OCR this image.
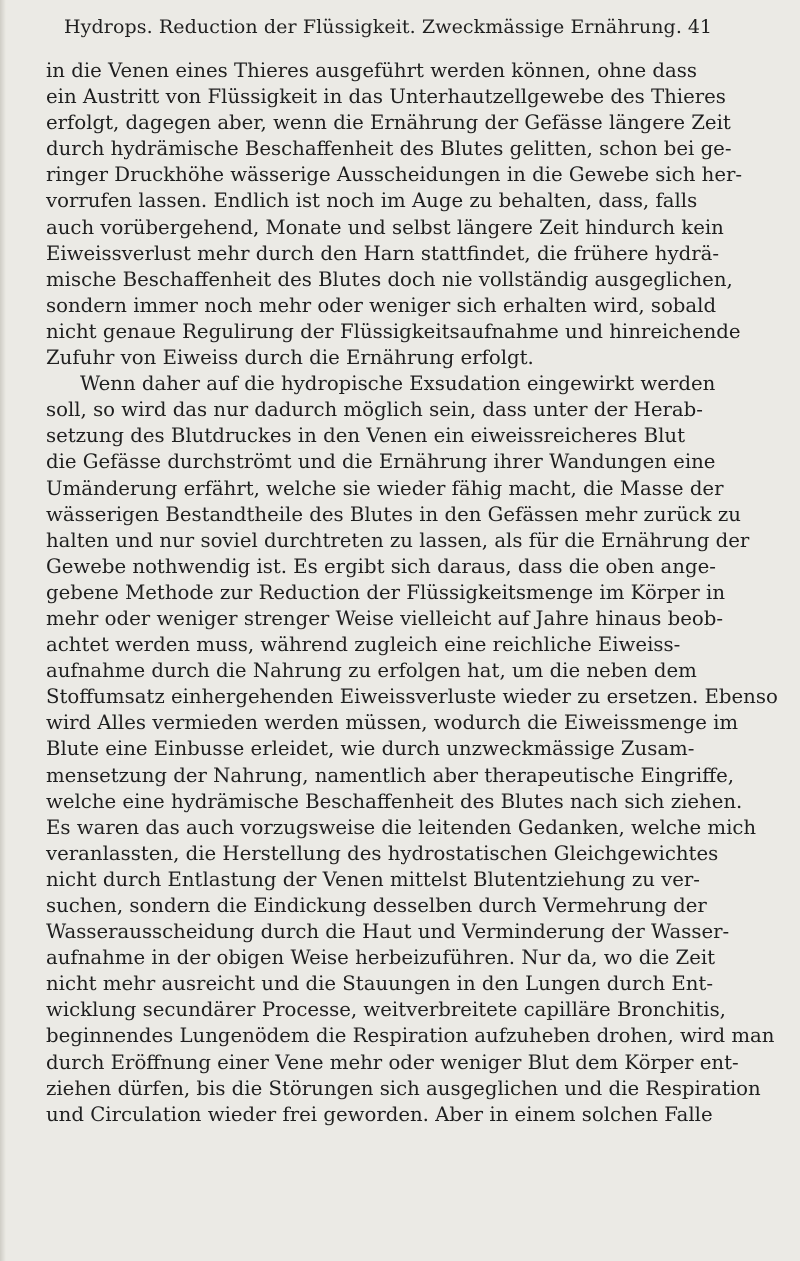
Hydrops. Reduction der Flüssigkeit. Zweckmässige Ernährung. 41
in die Venen eines Thieres ausgeführt werden können, ohne dass
ein Austritt von Flüssigkeit in das Unterhautzellgewebe des Thieres
erfolgt, dagegen aber, wenn die Ernährung der Gefässe längere Zeit
durch hydrämische Beschaffenheit des Blutes gelitten, schon bei ge-
ringer Druckhöhe wässerige Ausscheidungen in die Gewebe sich her-
vorrufen lassen. Endlich ist noch im Auge zu behalten, dass, falls
auch vorübergehend, Monate und selbst längere Zeit hindurch kein
Eiweissverlust mehr durch den Harn stattfindet, die frühere hydrä-
mische Beschaffenheit des Blutes doch nie vollständig ausgeglichen,
sondern immer noch mehr oder weniger sich erhalten wird, sobald
nicht genaue Regulirung der Flüssigkeitsaufnahme und hinreichende
Zufuhr von Eiweiss durch die Ernährung erfolgt.
Wenn daher auf die hydropische Exsudation eingewirkt werden
soll, so wird das nur dadurch möglich sein, dass unter der Herab-
setzung des Blutdruckes in den Venen ein eiweissreicheres Blut
die Gefässe durchströmt und die Ernährung ihrer Wandungen eine
Umänderung erfährt, welche sie wieder fähig macht, die Masse der
wässerigen Bestandtheile des Blutes in den Gefässen mehr zurück zu
halten und nur soviel durchtreten zu lassen, als für die Ernährung der
Gewebe nothwendig ist. Es ergibt sich daraus, dass die oben ange-
gebene Methode zur Reduction der Flüssigkeitsmenge im Körper in
mehr oder weniger strenger Weise vielleicht auf Jahre hinaus beob-
achtet werden muss, während zugleich eine reichliche Eiweiss-
aufnahme durch die Nahrung zu erfolgen hat, um die neben dem
Stoffumsatz einhergehenden Eiweissverluste wieder zu ersetzen. Ebenso
wird Alles vermieden werden müssen, wodurch die Eiweissmenge im
Blute eine Einbusse erleidet, wie durch unzweckmässige Zusam-
mensetzung der Nahrung, namentlich aber therapeutische Eingriffe,
welche eine hydrämische Beschaffenheit des Blutes nach sich ziehen.
Es waren das auch vorzugsweise die leitenden Gedanken, welche mich
veranlassten, die Herstellung des hydrostatischen Gleichgewichtes
nicht durch Entlastung der Venen mittelst Blutentziehung zu ver-
suchen, sondern die Eindickung desselben durch Vermehrung der
Wasserausscheidung durch die Haut und Verminderung der Wasser-
aufnahme in der obigen Weise herbeizuführen. Nur da, wo die Zeit
nicht mehr ausreicht und die Stauungen in den Lungen durch Ent-
wicklung secundärer Processe, weitverbreitete capilläre Bronchitis,
beginnendes Lungenödem die Respiration aufzuheben drohen, wird man
durch Eröffnung einer Vene mehr oder weniger Blut dem Körper ent-
ziehen dürfen, bis die Störungen sich ausgeglichen und die Respiration
und Circulation wieder frei geworden. Aber in einem solchen Falle
